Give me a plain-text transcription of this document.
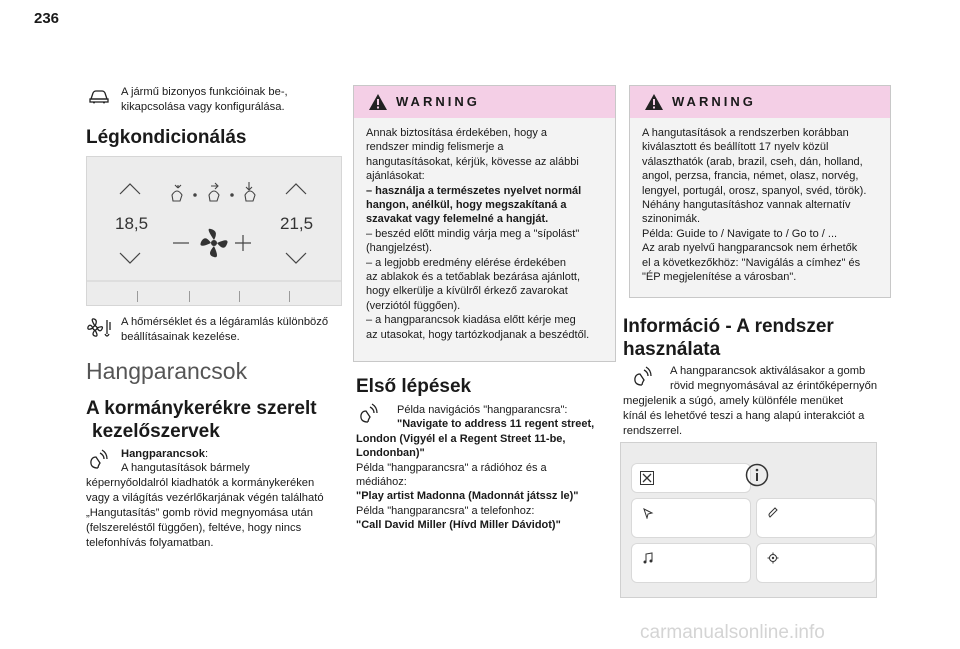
236
A jármű bizonyos funkcióinak be-,
kikapcsolása vagy konfigurálása.
Légkondicionálás
18,5	21,5
A hőmérséklet és a légáramlás különböző
beállításainak kezelése.
Hangparancsok
A kormánykerékre szerelt
kezelőszervek
Hangparancsok:
A hangutasítások bármely
képernyőoldalról kiadhatók a kormánykeréken
vagy a világítás vezérlőkarjának végén található
„Hangutasítás” gomb rövid megnyomása után
(felszereléstől függően), feltéve, hogy nincs
telefonhívás folyamatban.
WARNING
Annak biztosítása érdekében, hogy a
rendszer mindig felismerje a
hangutasításokat, kérjük, kövesse az alábbi
ajánlásokat:
– használja a természetes nyelvet normál
hangon, anélkül, hogy megszakítaná a
szavakat vagy felemelné a hangját.
– beszéd előtt mindig várja meg a "sípolást"
(hangjelzést).
– a legjobb eredmény elérése érdekében
az ablakok és a tetőablak bezárása ajánlott,
hogy elkerülje a kívülről érkező zavarokat
(verziótól függően).
– a hangparancsok kiadása előtt kérje meg
az utasokat, hogy tartózkodjanak a beszédtől.
Első lépések
Példa navigációs "hangparancsra":
"Navigate to address 11 regent street,
London (Vigyél el a Regent Street 11-be,
Londonban)"
Példa "hangparancsra" a rádióhoz és a
médiához:
"Play artist Madonna (Madonnát játssz le)"
Példa "hangparancsra" a telefonhoz:
"Call David Miller (Hívd Miller Dávidot)"
WARNING
A hangutasítások a rendszerben korábban
kiválasztott és beállított 17 nyelv közül
választhatók (arab, brazil, cseh, dán, holland,
angol, perzsa, francia, német, olasz, norvég,
lengyel, portugál, orosz, spanyol, svéd, török).
Néhány hangutasításhoz vannak alternatív
szinonimák.
Példa: Guide to / Navigate to / Go to / ...
Az arab nyelvű hangparancsok nem érhetők
el a következőkhöz: "Navigálás a címhez" és
"ÉP megjelenítése a városban".
Információ - A rendszer
használata
A hangparancsok aktiválásakor a gomb
rövid megnyomásával az érintőképernyőn
megjelenik a súgó, amely különféle menüket
kínál és lehetővé teszi a hang alapú interakciót a
rendszerrel.
carmanualsonline.info
